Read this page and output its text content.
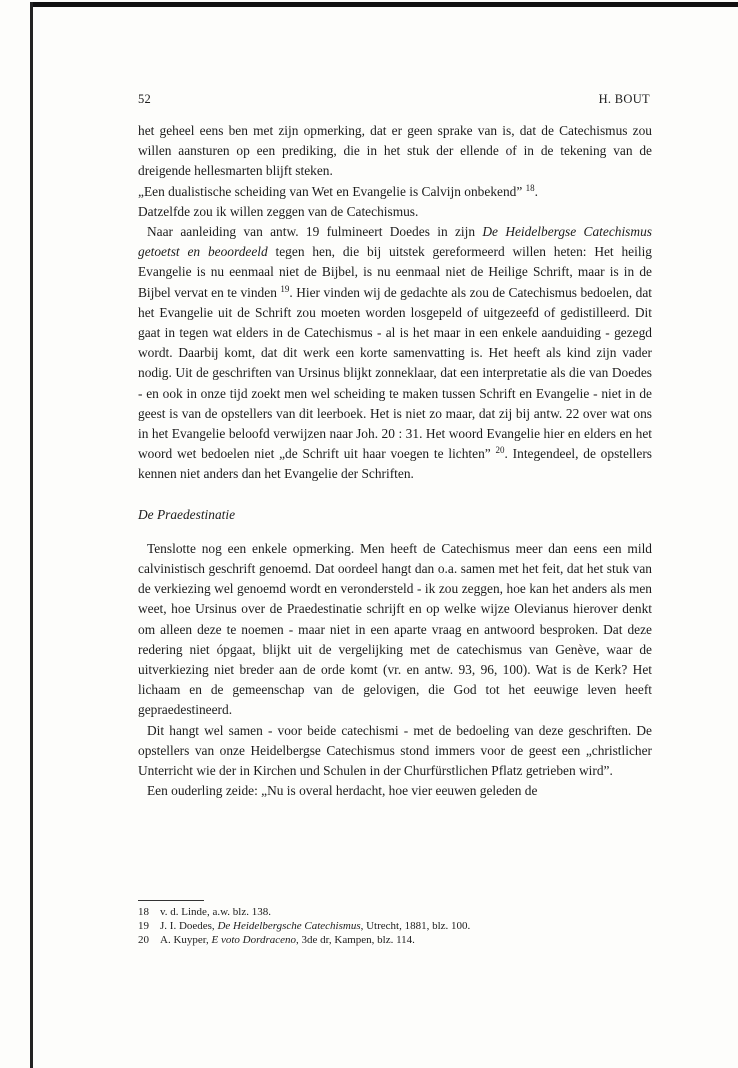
52	H. BOUT

het geheel eens ben met zijn opmerking, dat er geen sprake van is, dat de Catechismus zou willen aansturen op een prediking, die in het stuk der ellende of in de tekening van de dreigende hellesmarten blijft steken.

„Een dualistische scheiding van Wet en Evangelie is Calvijn onbekend” $^{18}$.

Datzelfde zou ik willen zeggen van de Catechismus.

Naar aanleiding van antw. 19 fulmineert Doedes in zijn De Heidelbergse Catechismus getoetst en beoordeeld tegen hen, die bij uitstek gereformeerd willen heten: Het heilig Evangelie is nu eenmaal niet de Bijbel, is nu eenmaal niet de Heilige Schrift, maar is in de Bijbel vervat en te vinden $^{19}$. Hier vinden wij de gedachte als zou de Catechismus bedoelen, dat het Evangelie uit de Schrift zou moeten worden losgepeld of uitgezeefd of gedistilleerd. Dit gaat in tegen wat elders in de Catechismus - al is het maar in een enkele aanduiding - gezegd wordt. Daarbij komt, dat dit werk een korte samenvatting is. Het heeft als kind zijn vader nodig. Uit de geschriften van Ursinus blijkt zonneklaar, dat een interpretatie als die van Doedes - en ook in onze tijd zoekt men wel scheiding te maken tussen Schrift en Evangelie - niet in de geest is van de opstellers van dit leerboek. Het is niet zo maar, dat zij bij antw. 22 over wat ons in het Evangelie beloofd verwijzen naar Joh. 20 : 31. Het woord Evangelie hier en elders en het woord wet bedoelen niet „de Schrift uit haar voegen te lichten” $^{20}$. Integendeel, de opstellers kennen niet anders dan het Evangelie der Schriften.

De Praedestinatie

Tenslotte nog een enkele opmerking. Men heeft de Catechismus meer dan eens een mild calvinistisch geschrift genoemd. Dat oordeel hangt dan o.a. samen met het feit, dat het stuk van de verkiezing wel genoemd wordt en verondersteld - ik zou zeggen, hoe kan het anders als men weet, hoe Ursinus over de Praedestinatie schrijft en op welke wijze Olevianus hierover denkt om alleen deze te noemen - maar niet in een aparte vraag en antwoord besproken. Dat deze redering niet ópgaat, blijkt uit de vergelijking met de catechismus van Genève, waar de uitverkiezing niet breder aan de orde komt (vr. en antw. 93, 96, 100). Wat is de Kerk? Het lichaam en de gemeenschap van de gelovigen, die God tot het eeuwige leven heeft gepraedestineerd.

Dit hangt wel samen - voor beide catechismi - met de bedoeling van deze geschriften. De opstellers van onze Heidelbergse Catechismus stond immers voor de geest een „christlicher Unterricht wie der in Kirchen und Schulen in der Churfürstlichen Pflatz getrieben wird”.

Een ouderling zeide: „Nu is overal herdacht, hoe vier eeuwen geleden de

18	v. d. Linde, a.w. blz. 138.
19	J. I. Doedes, De Heidelbergsche Catechismus, Utrecht, 1881, blz. 100.
20	A. Kuyper, E voto Dordraceno, 3de dr, Kampen, blz. 114.
